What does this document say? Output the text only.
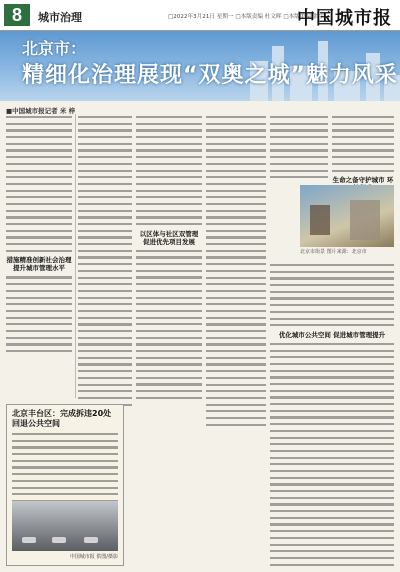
8	城市治理	□2022年3月21日 星期一 □本版责编 杜文晖 □本版美编 张宇
中国城市报
北京市：
精细化治理展现“双奥之城”魅力风采
■中国城市报记者 米 梓
措施精准创新社会治理 提升城市管理水平
以区体与社区双管理 促进优先项目发展
生命之备守护城市 环
北京市街景 图片来源：北京市
优化城市公共空间 促进城市管理提升
北京丰台区：完成拆违20处 回退公共空间
中国城市报 供图/摄影
